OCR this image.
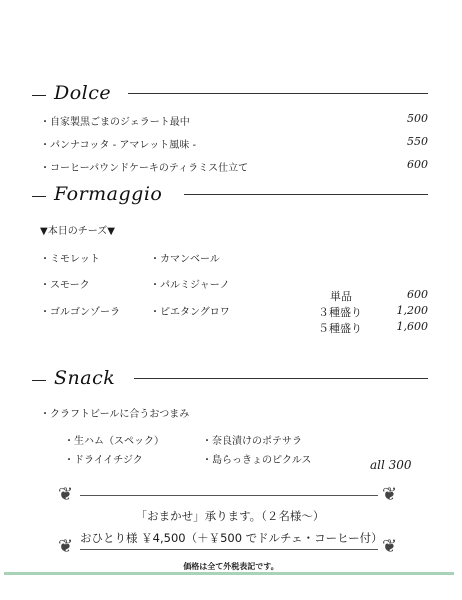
Dolce
・自家製黒ごまのジェラート最中	500
・パンナコッタ - アマレット風味 -	550
・コーヒーパウンドケーキのティラミス仕立て	600
Formaggio
▼本日のチーズ▼
・ミモレット	・カマンベール
・スモーク	・パルミジャーノ
・ゴルゴンゾーラ	・ピエタングロワ
単品	600
３種盛り	1,200
５種盛り	1,600
Snack
・クラフトビールに合うおつまみ
・生ハム（スペック）	・奈良漬けのポテサラ
・ドライイチジク	・島らっきょのピクルス	all 300
❦	❦
「おまかせ」承ります。（２名様～）
おひとり様 ￥4,500（＋￥500 でドルチェ・コーヒー付）
❦	❦
価格は全て外税表記です。
